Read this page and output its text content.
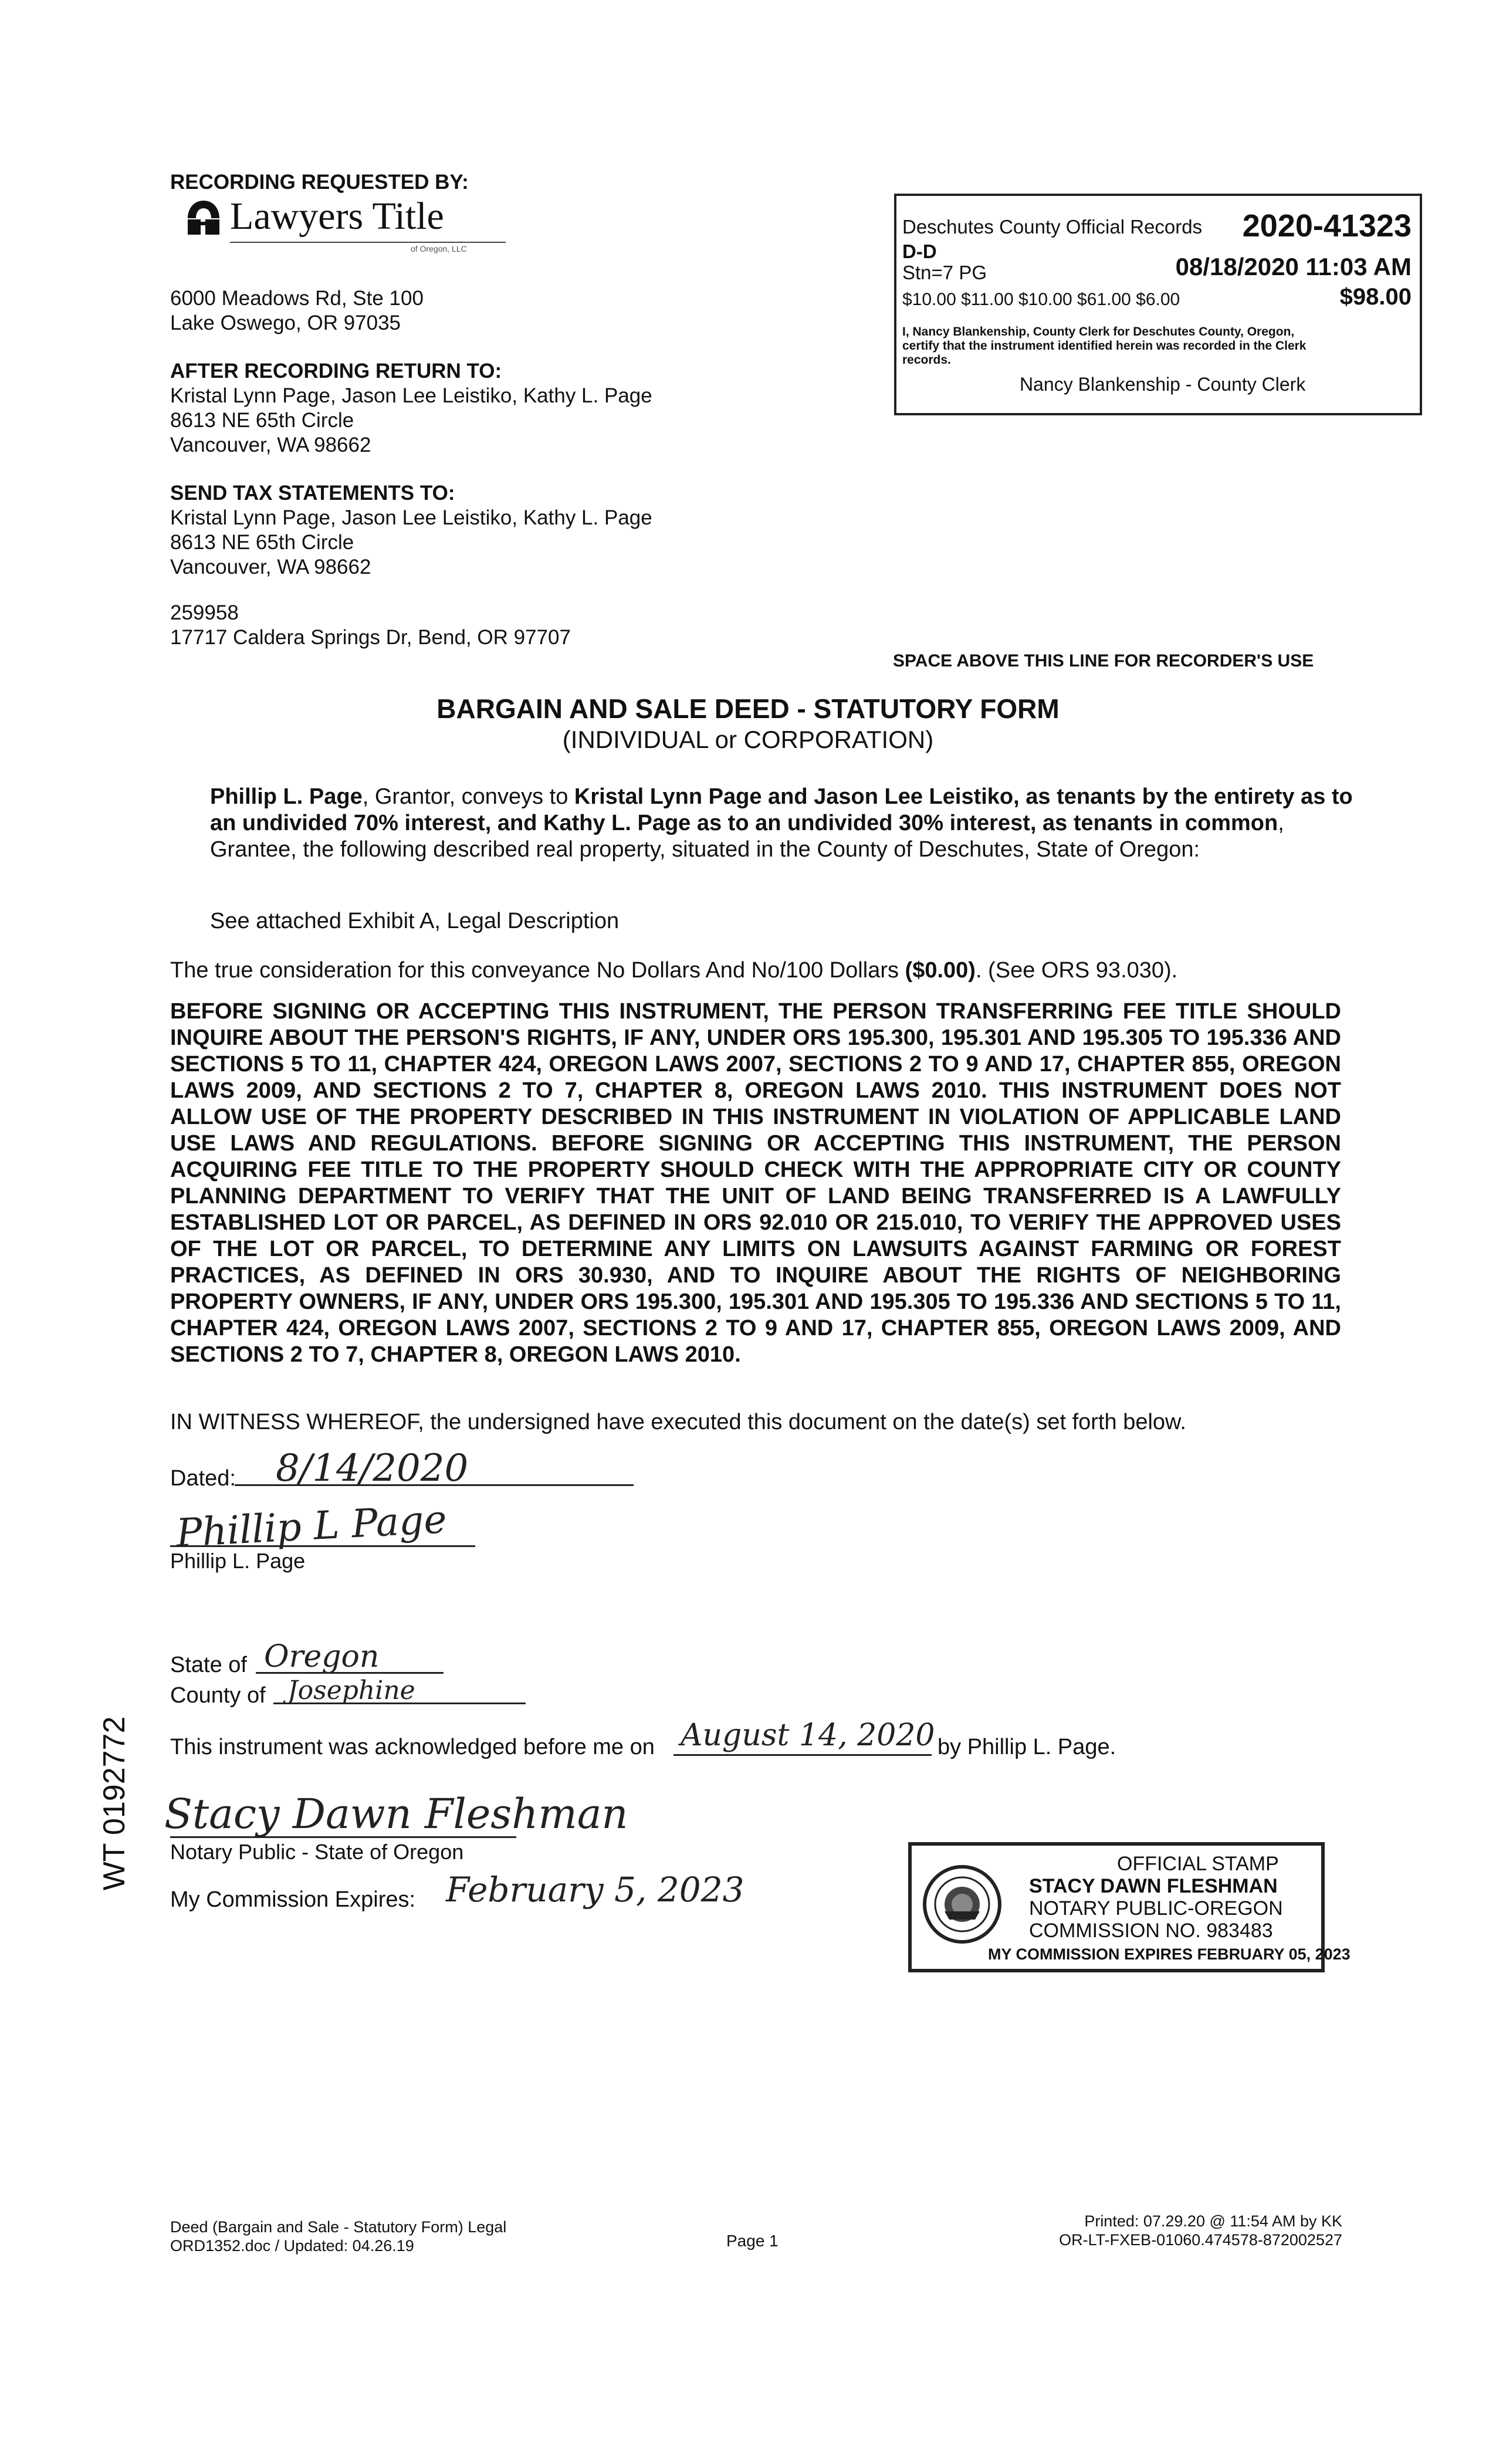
RECORDING REQUESTED BY:
Lawyers Title
of Oregon, LLC
6000 Meadows Rd, Ste 100
Lake Oswego, OR 97035
AFTER RECORDING RETURN TO:
Kristal Lynn Page, Jason Lee Leistiko, Kathy L. Page
8613 NE 65th Circle
Vancouver, WA 98662
SEND TAX STATEMENTS TO:
Kristal Lynn Page, Jason Lee Leistiko, Kathy L. Page
8613 NE 65th Circle
Vancouver, WA 98662
259958
17717 Caldera Springs Dr, Bend, OR 97707
Deschutes County Official Records 2020-41323
D-D
Stn=7 PG	08/18/2020 11:03 AM
$10.00 $11.00 $10.00 $61.00 $6.00	$98.00
I, Nancy Blankenship, County Clerk for Deschutes County, Oregon,
certify that the instrument identified herein was recorded in the Clerk
records.
Nancy Blankenship - County Clerk
SPACE ABOVE THIS LINE FOR RECORDER'S USE
WT 0192772
BARGAIN AND SALE DEED - STATUTORY FORM
(INDIVIDUAL or CORPORATION)
Phillip L. Page, Grantor, conveys to Kristal Lynn Page and Jason Lee Leistiko, as tenants by the entirety as to an undivided 70% interest, and Kathy L. Page as to an undivided 30% interest, as tenants in common, Grantee, the following described real property, situated in the County of Deschutes, State of Oregon:
See attached Exhibit A, Legal Description
The true consideration for this conveyance No Dollars And No/100 Dollars ($0.00). (See ORS 93.030).
BEFORE SIGNING OR ACCEPTING THIS INSTRUMENT, THE PERSON TRANSFERRING FEE TITLE SHOULD INQUIRE ABOUT THE PERSON'S RIGHTS, IF ANY, UNDER ORS 195.300, 195.301 AND 195.305 TO 195.336 AND SECTIONS 5 TO 11, CHAPTER 424, OREGON LAWS 2007, SECTIONS 2 TO 9 AND 17, CHAPTER 855, OREGON LAWS 2009, AND SECTIONS 2 TO 7, CHAPTER 8, OREGON LAWS 2010. THIS INSTRUMENT DOES NOT ALLOW USE OF THE PROPERTY DESCRIBED IN THIS INSTRUMENT IN VIOLATION OF APPLICABLE LAND USE LAWS AND REGULATIONS. BEFORE SIGNING OR ACCEPTING THIS INSTRUMENT, THE PERSON ACQUIRING FEE TITLE TO THE PROPERTY SHOULD CHECK WITH THE APPROPRIATE CITY OR COUNTY PLANNING DEPARTMENT TO VERIFY THAT THE UNIT OF LAND BEING TRANSFERRED IS A LAWFULLY ESTABLISHED LOT OR PARCEL, AS DEFINED IN ORS 92.010 OR 215.010, TO VERIFY THE APPROVED USES OF THE LOT OR PARCEL, TO DETERMINE ANY LIMITS ON LAWSUITS AGAINST FARMING OR FOREST PRACTICES, AS DEFINED IN ORS 30.930, AND TO INQUIRE ABOUT THE RIGHTS OF NEIGHBORING PROPERTY OWNERS, IF ANY, UNDER ORS 195.300, 195.301 AND 195.305 TO 195.336 AND SECTIONS 5 TO 11, CHAPTER 424, OREGON LAWS 2007, SECTIONS 2 TO 9 AND 17, CHAPTER 855, OREGON LAWS 2009, AND SECTIONS 2 TO 7, CHAPTER 8, OREGON LAWS 2010.
IN WITNESS WHEREOF, the undersigned have executed this document on the date(s) set forth below.
Dated: 8/14/2020
Phillip L Page
Phillip L. Page
State of Oregon
County of Josephine
This instrument was acknowledged before me on August 14, 2020 by Phillip L. Page.
Stacy Dawn Fleshman
Notary Public - State of Oregon
My Commission Expires: February 5, 2023
OFFICIAL STAMP
STACY DAWN FLESHMAN
NOTARY PUBLIC-OREGON
COMMISSION NO. 983483
MY COMMISSION EXPIRES FEBRUARY 05, 2023
Deed (Bargain and Sale - Statutory Form) Legal
ORD1352.doc / Updated: 04.26.19	Page 1
Printed: 07.29.20 @ 11:54 AM by KK
OR-LT-FXEB-01060.474578-872002527
